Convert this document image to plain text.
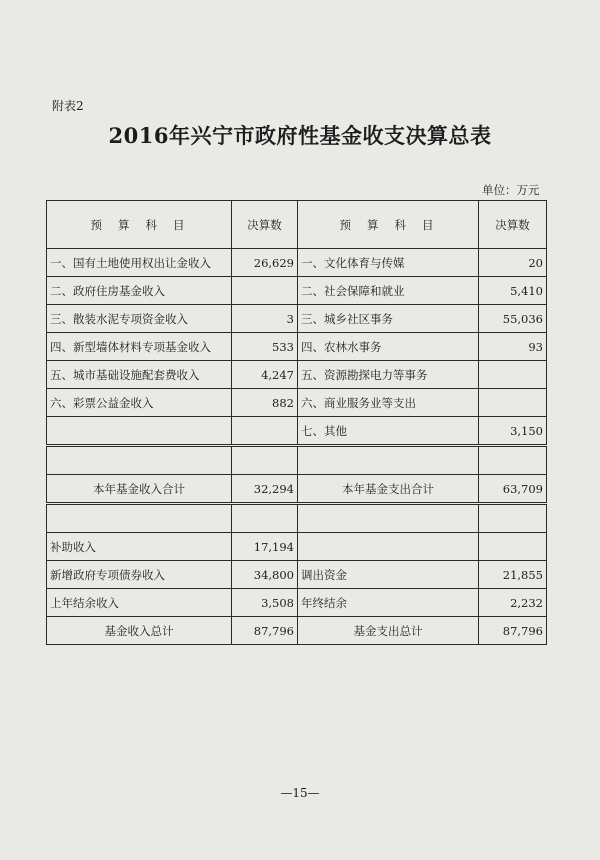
附表2
2016年兴宁市政府性基金收支决算总表
单位：万元
预算科目	决算数	预算科目	决算数
一、国有土地使用权出让金收入	26,629	一、文化体育与传媒	20
二、政府住房基金收入		二、社会保障和就业	5,410
三、散装水泥专项资金收入	3	三、城乡社区事务	55,036
四、新型墙体材料专项基金收入	533	四、农林水事务	93
五、城市基础设施配套费收入	4,247	五、资源勘探电力等事务	
六、彩票公益金收入	882	六、商业服务业等支出	
		七、其他	3,150

本年基金收入合计	32,294	本年基金支出合计	63,709

补助收入	17,194		
新增政府专项债券收入	34,800	调出资金	21,855
上年结余收入	3,508	年终结余	2,232
基金收入总计	87,796	基金支出总计	87,796
—15—
